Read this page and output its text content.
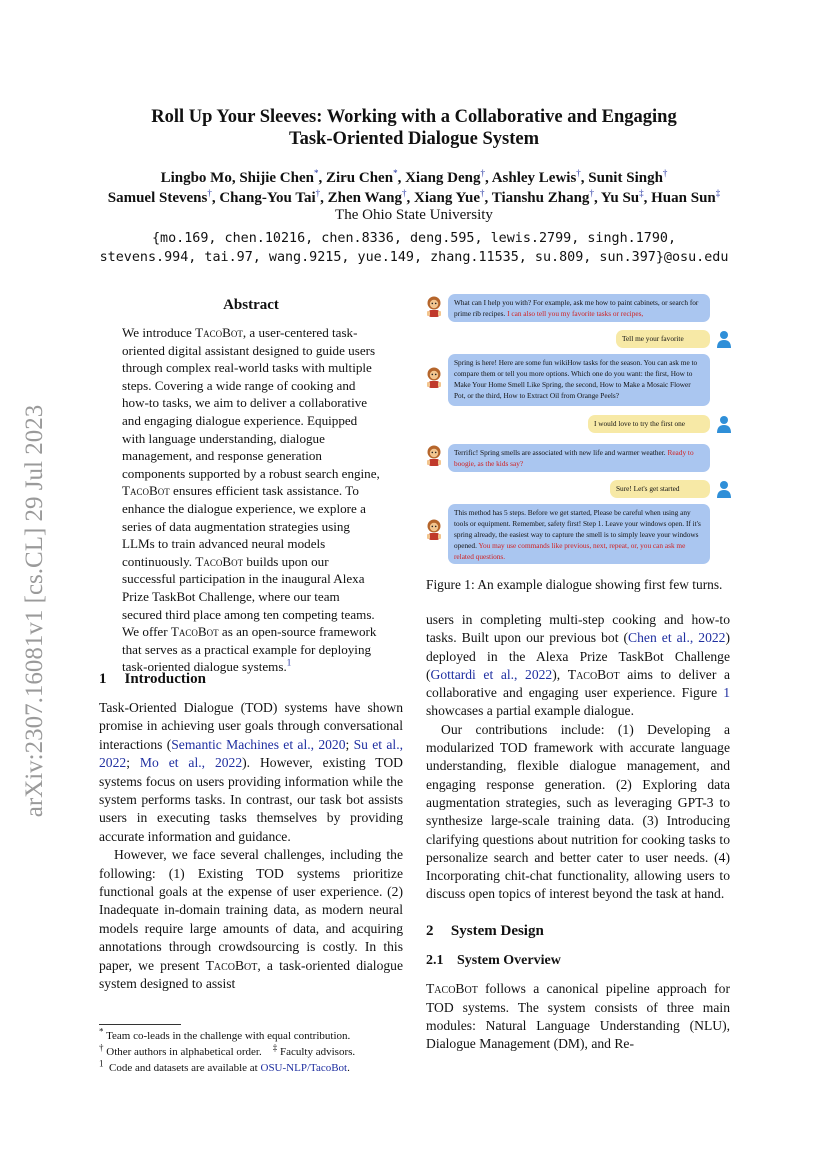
arXiv:2307.16081v1 [cs.CL] 29 Jul 2023
Roll Up Your Sleeves: Working with a Collaborative and Engaging
Task-Oriented Dialogue System
Lingbo Mo, Shijie Chen*, Ziru Chen*, Xiang Deng†, Ashley Lewis†, Sunit Singh†
Samuel Stevens†, Chang-You Tai†, Zhen Wang†, Xiang Yue†, Tianshu Zhang†, Yu Su‡, Huan Sun‡
The Ohio State University
{mo.169, chen.10216, chen.8336, deng.595, lewis.2799, singh.1790,
stevens.994, tai.97, wang.9215, yue.149, zhang.11535, su.809, sun.397}@osu.edu
Abstract
We introduce TacoBot, a user-centered task-oriented digital assistant designed to guide users through complex real-world tasks with multiple steps. Covering a wide range of cooking and how-to tasks, we aim to deliver a collaborative and engaging dialogue experience. Equipped with language understanding, dialogue management, and response generation components supported by a robust search engine, TacoBot ensures efficient task assistance. To enhance the dialogue experience, we explore a series of data augmentation strategies using LLMs to train advanced neural models continuously. TacoBot builds upon our successful participation in the inaugural Alexa Prize TaskBot Challenge, where our team secured third place among ten competing teams. We offer TacoBot as an open-source framework that serves as a practical example for deploying task-oriented dialogue systems.$^1$
1 Introduction

Task-Oriented Dialogue (TOD) systems have shown promise in achieving user goals through conversational interactions (Semantic Machines et al., 2020; Su et al., 2022; Mo et al., 2022). However, existing TOD systems focus on users providing information while the system performs tasks. In contrast, our task bot assists users in executing tasks themselves by providing accurate information and guidance.

However, we face several challenges, including the following: (1) Existing TOD systems prioritize functional goals at the expense of user experience. (2) Inadequate in-domain training data, as modern neural models require large amounts of data, and acquiring annotations through crowdsourcing is costly. In this paper, we present TacoBot, a task-oriented dialogue system designed to assist

* Team co-leads in the challenge with equal contribution.
† Other authors in alphabetical order. ‡ Faculty advisors.
$^1$ Code and datasets are available at OSU-NLP/TacoBot.
What can I help you with? For example, ask me how to paint cabinets, or search for prime rib recipes. I can also tell you my favorite tasks or recipes,
Tell me your favorite
Spring is here! Here are some fun wikiHow tasks for the season. You can ask me to compare them or tell you more options. Which one do you want: the first, How to Make Your Home Smell Like Spring, the second, How to Make a Mosaic Flower Pot, or the third, How to Extract Oil from Orange Peels?
I would love to try the first one
Terrific! Spring smells are associated with new life and warmer weather. Ready to boogie, as the kids say?
Sure! Let's get started
This method has 5 steps. Before we get started, Please be careful when using any tools or equipment. Remember, safety first! Step 1. Leave your windows open. If it's spring already, the easiest way to capture the smell is to simply leave your windows opened. You may use commands like previous, next, repeat, or, you can ask me related questions.
Figure 1: An example dialogue showing first few turns.

users in completing multi-step cooking and how-to tasks. Built upon our previous bot (Chen et al., 2022) deployed in the Alexa Prize TaskBot Challenge (Gottardi et al., 2022), TacoBot aims to deliver a collaborative and engaging user experience. Figure 1 showcases a partial example dialogue.

Our contributions include: (1) Developing a modularized TOD framework with accurate language understanding, flexible dialogue management, and engaging response generation. (2) Exploring data augmentation strategies, such as leveraging GPT-3 to synthesize large-scale training data. (3) Introducing clarifying questions about nutrition for cooking tasks to personalize search and better cater to user needs. (4) Incorporating chit-chat functionality, allowing users to discuss open topics of interest beyond the task at hand.

2 System Design
2.1 System Overview

TacoBot follows a canonical pipeline approach for TOD systems. The system consists of three main modules: Natural Language Understanding (NLU), Dialogue Management (DM), and Re-
